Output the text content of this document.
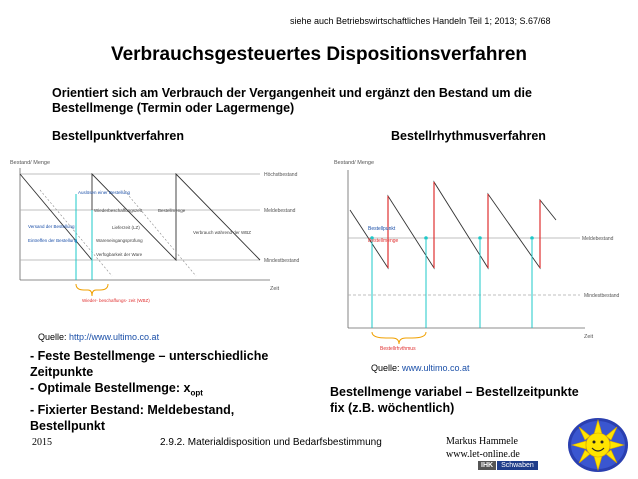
siehe auch Betriebswirtschaftliches Handeln Teil 1; 2013; S.67/68
Verbrauchsgesteuertes Dispositionsverfahren
Orientiert sich am Verbrauch der Vergangenheit und ergänzt den Bestand um die Bestellmenge (Termin oder Lagermenge)
Bestellpunktverfahren	Bestellrhythmusverfahren
Bestand/ Menge
Zeit
Höchstbestand
Meldebestand
Mindestbestand
Auslösen einer Bestellung
Wiederbeschaffungszeit
Lieferzeit (LZ)
Bestellmenge
Verbrauch während der WBZ
Versand der Bestellung
Eintreffen der Bestellung	Wareneingangsprüfung
Verfügbarkeit der Ware
Wieder- beschaffungs- zeit (WBZ)
Quelle: http://www.ultimo.co.at
Bestand/ Menge
Zeit
Meldebestand
Mindestbestand
Bestellpunkt
Bestellmenge
Bestellrhythmus
Quelle: www.ultimo.co.at
- Feste Bestellmenge – unterschiedliche
Zeitpunkte
- Optimale Bestellmenge: $x_{opt}$
- Fixierter Bestand: Meldebestand,
Bestellpunkt
Bestellmenge variabel – Bestellzeitpunkte
fix (z.B. wöchentlich)
2015	2.9.2. Materialdisposition und Bedarfsbestimmung	Markus Hammele
www.let-online.de
IHK	Schwaben
